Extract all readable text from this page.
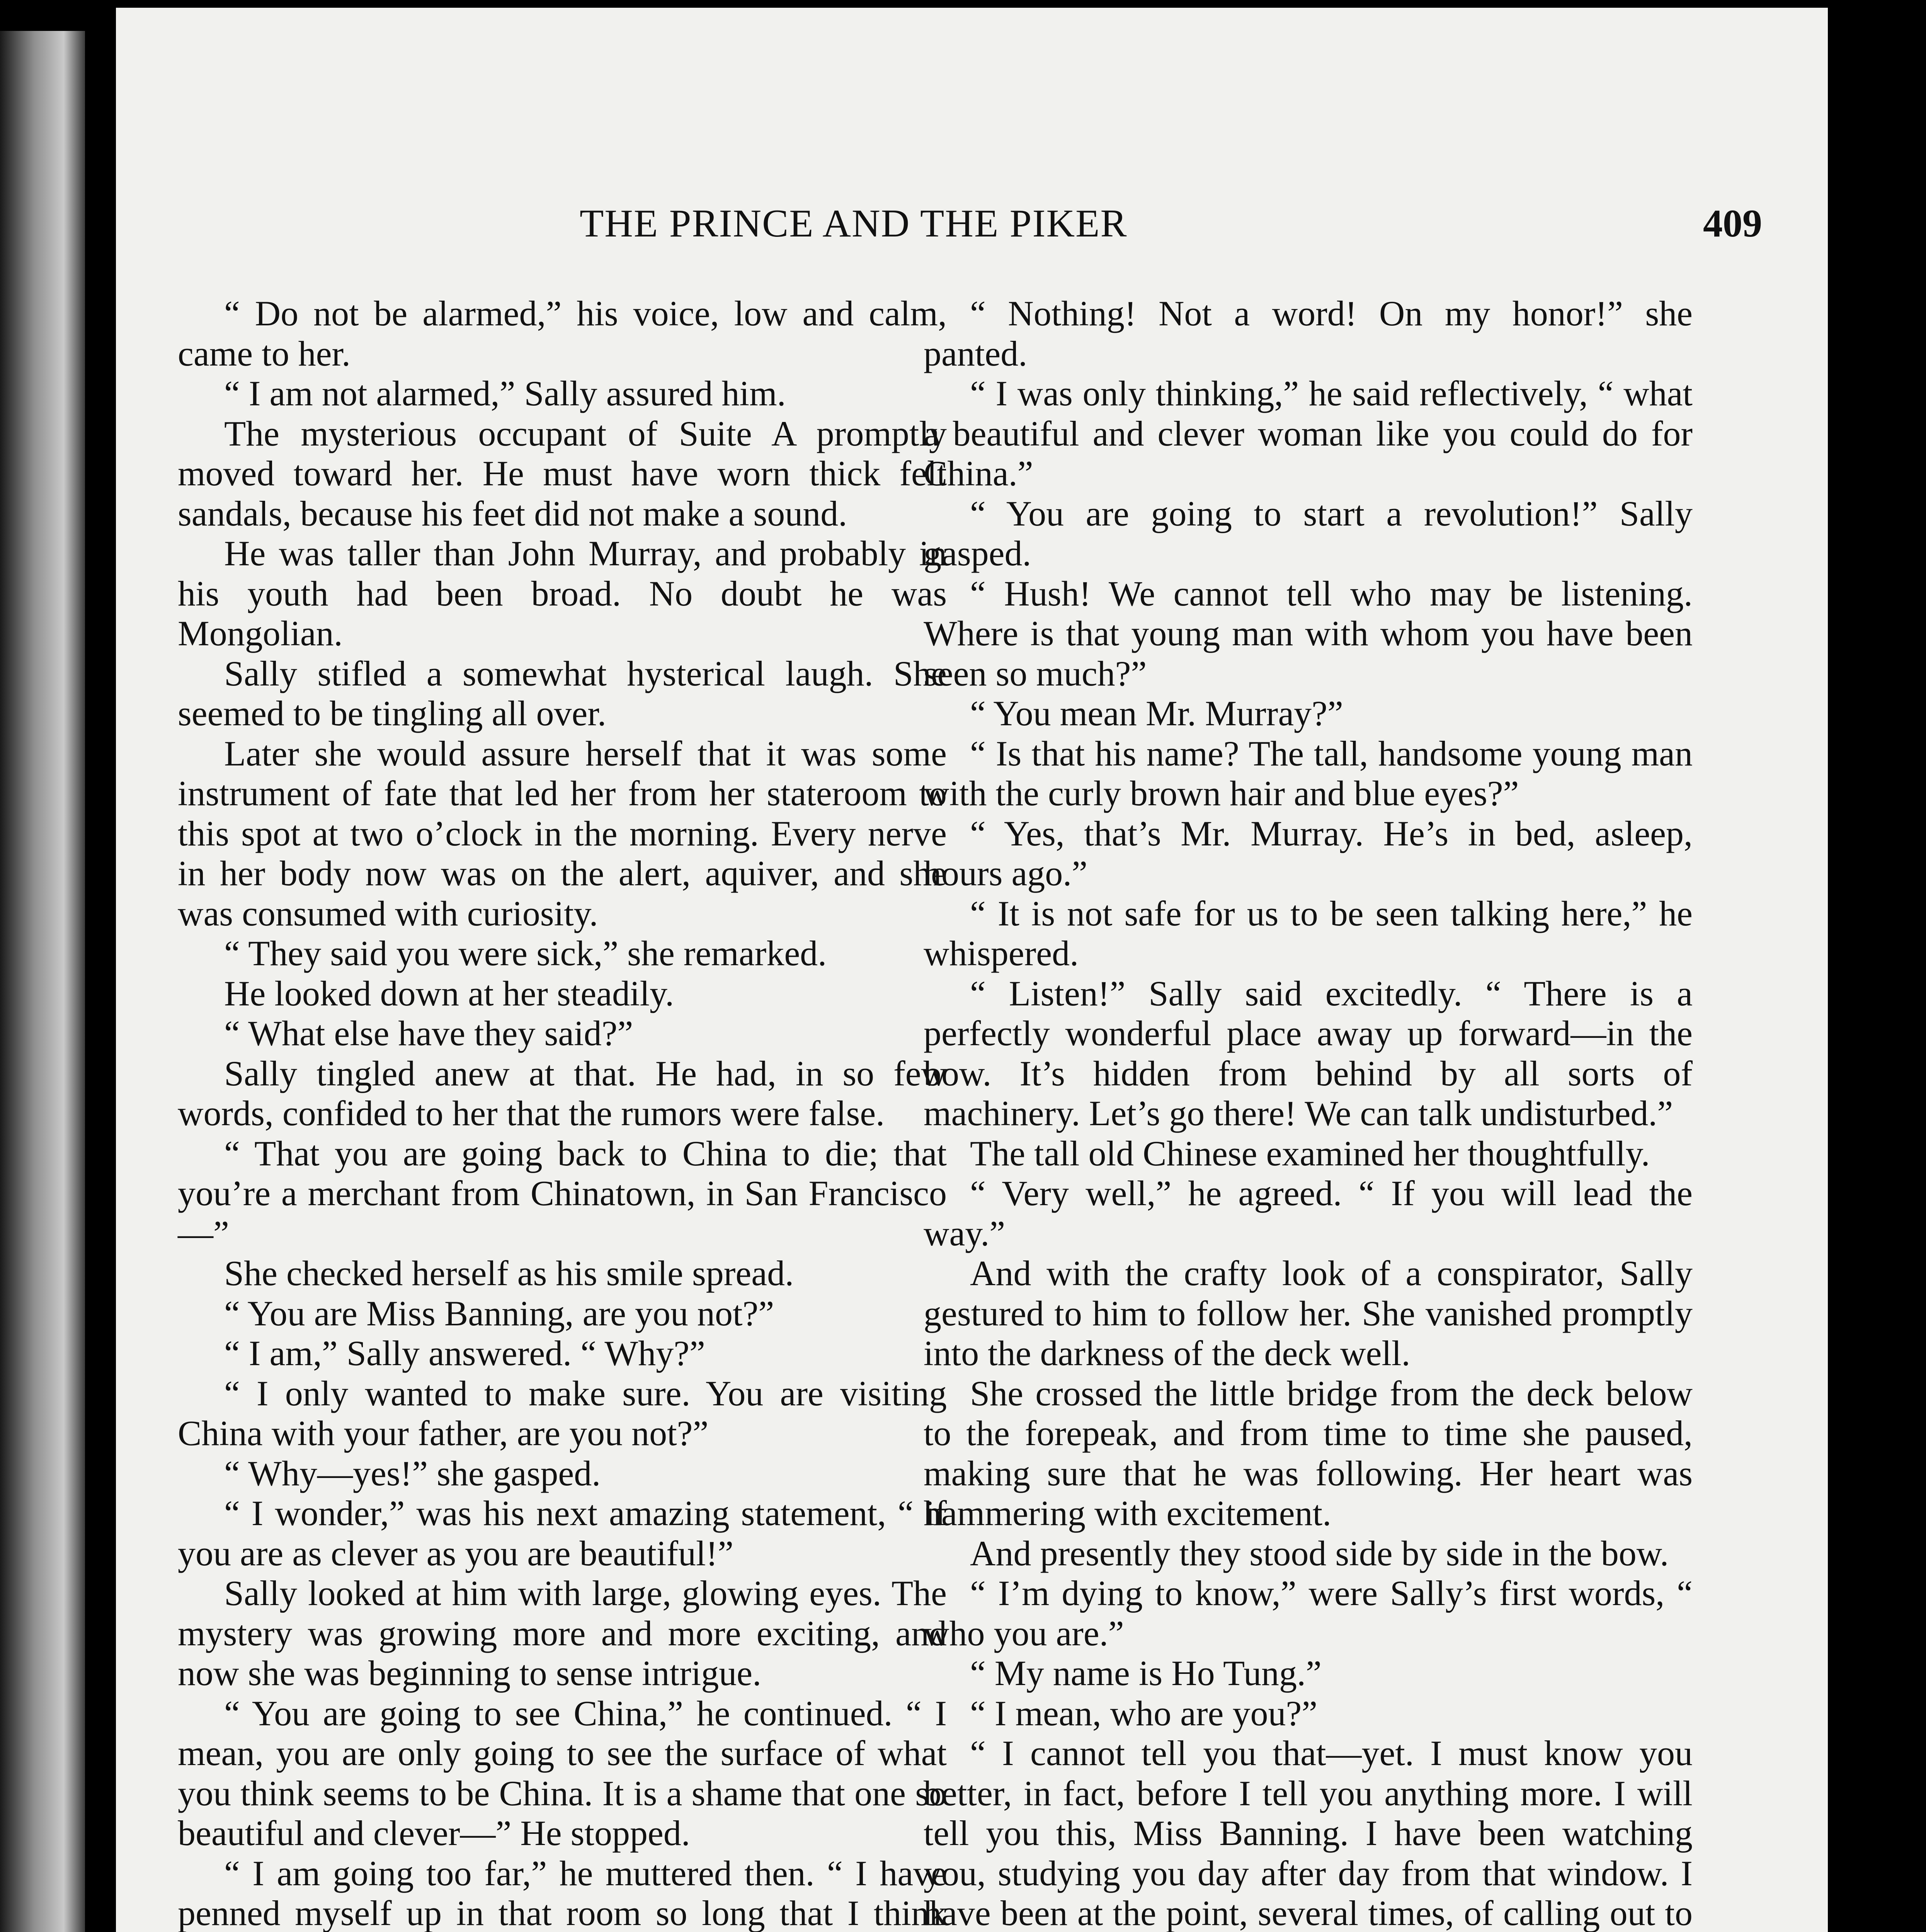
THE PRINCE AND THE PIKER	409

“ Do not be alarmed,” his voice, low and calm, came to her.

“ I am not alarmed,” Sally assured him.

The mysterious occupant of Suite A promptly moved toward her. He must have worn thick felt sandals, because his feet did not make a sound.

He was taller than John Murray, and probably in his youth had been broad. No doubt he was Mongolian.

Sally stifled a somewhat hysterical laugh. She seemed to be tingling all over.

Later she would assure herself that it was some instrument of fate that led her from her stateroom to this spot at two o’clock in the morning. Every nerve in her body now was on the alert, aquiver, and she was consumed with curiosity.

“ They said you were sick,” she remarked.

He looked down at her steadily.

“ What else have they said?”

Sally tingled anew at that. He had, in so few words, confided to her that the rumors were false.

“ That you are going back to China to die; that you’re a merchant from Chinatown, in San Francisco—”

She checked herself as his smile spread.

“ You are Miss Banning, are you not?”

“ I am,” Sally answered. “ Why?”

“ I only wanted to make sure. You are visiting China with your father, are you not?”

“ Why—yes!” she gasped.

“ I wonder,” was his next amazing statement, “ if you are as clever as you are beautiful!”

Sally looked at him with large, glowing eyes. The mystery was growing more and more exciting, and now she was beginning to sense intrigue.

“ You are going to see China,” he continued. “ I mean, you are only going to see the surface of what you think seems to be China. It is a shame that one so beautiful and clever—” He stopped.

“ I am going too far,” he muttered then. “ I have penned myself up in that room so long that I think

“ Nothing! Not a word! On my honor!” she panted.

“ I was only thinking,” he said reflectively, “ what a beautiful and clever woman like you could do for China.”

“ You are going to start a revolution!” Sally gasped.

“ Hush! We cannot tell who may be listening. Where is that young man with whom you have been seen so much?”

“ You mean Mr. Murray?”

“ Is that his name? The tall, handsome young man with the curly brown hair and blue eyes?”

“ Yes, that’s Mr. Murray. He’s in bed, asleep, hours ago.”

“ It is not safe for us to be seen talking here,” he whispered.

“ Listen!” Sally said excitedly. “ There is a perfectly wonderful place away up forward—in the bow. It’s hidden from behind by all sorts of machinery. Let’s go there! We can talk undisturbed.”

The tall old Chinese examined her thoughtfully.

“ Very well,” he agreed. “ If you will lead the way.”

And with the crafty look of a conspirator, Sally gestured to him to follow her. She vanished promptly into the darkness of the deck well.

She crossed the little bridge from the deck below to the forepeak, and from time to time she paused, making sure that he was following. Her heart was hammering with excitement.

And presently they stood side by side in the bow.

“ I’m dying to know,” were Sally’s first words, “ who you are.”

“ My name is Ho Tung.”

“ I mean, who are you?”

“ I cannot tell you that—yet. I must know you better, in fact, before I tell you anything more. I will tell you this, Miss Banning. I have been watching you, studying you day after day from that window. I have been at the point, several times, of calling out to
